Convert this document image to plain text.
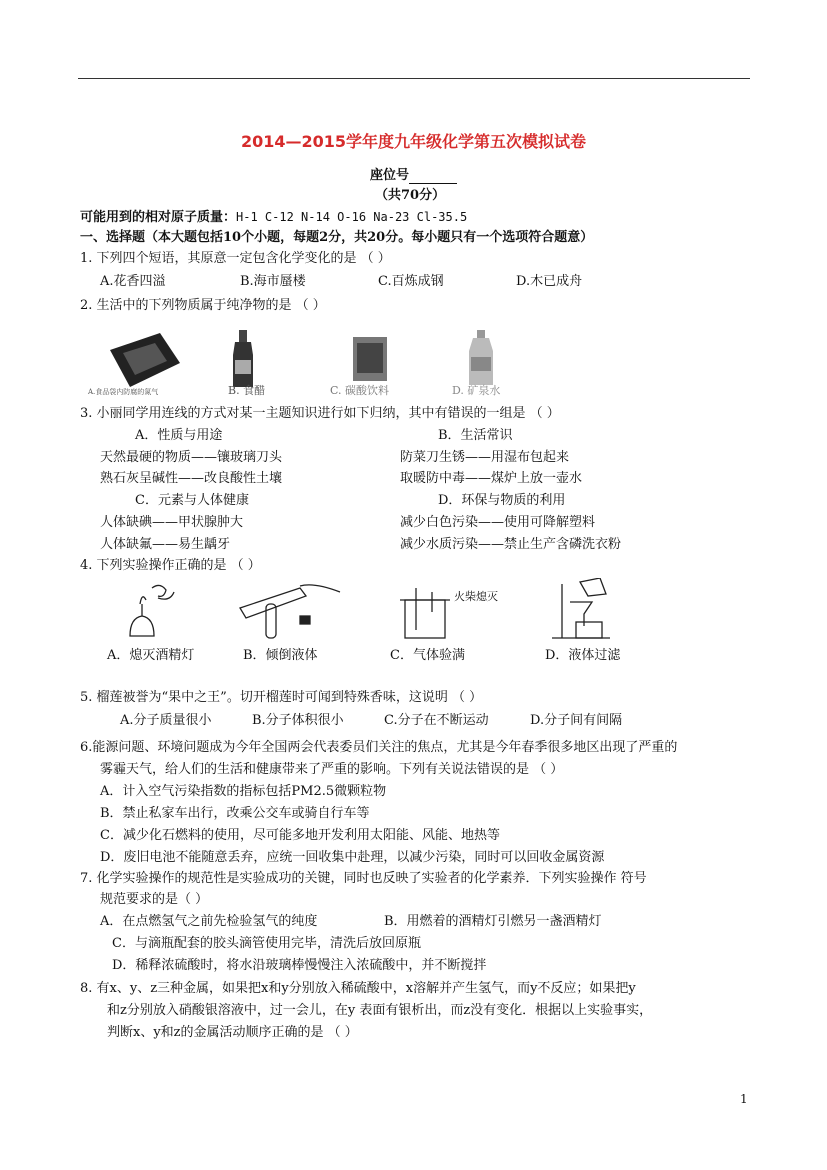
2014—2015学年度九年级化学第五次模拟试卷
座位号
（共70分）
可能用到的相对原子质量：H-1 C-12 N-14 O-16 Na-23 Cl-35.5
一、选择题（本大题包括10个小题，每题2分，共20分。每小题只有一个选项符合题意）
1. 下列四个短语，其原意一定包含化学变化的是 （ ）
A.花香四溢	B.海市蜃楼	C.百炼成钢	D.木已成舟
2. 生活中的下列物质属于纯净物的是 （ ）
A.食品袋内防腐的氮气	B. 食醋	C. 碳酸饮料	D. 矿泉水
3. 小丽同学用连线的方式对某一主题知识进行如下归纳，其中有错误的一组是 （ ）
A．性质与用途	B．生活常识
天然最硬的物质——镶玻璃刀头	防菜刀生锈——用湿布包起来
熟石灰呈碱性——改良酸性土壤	取暖防中毒——煤炉上放一壶水
C．元素与人体健康	D．环保与物质的利用
人体缺碘——甲状腺肿大	减少白色污染——使用可降解塑料
人体缺氟——易生龋牙	减少水质污染——禁止生产含磷洗衣粉
4. 下列实验操作正确的是 （ ）
火柴熄灭
A．熄灭酒精灯	B．倾倒液体	C．气体验满	D．液体过滤
5. 榴莲被誉为“果中之王”。切开榴莲时可闻到特殊香味，这说明 （ ）
A.分子质量很小	B.分子体积很小	C.分子在不断运动	D.分子间有间隔
6.能源问题、环境问题成为今年全国两会代表委员们关注的焦点，尤其是今年春季很多地区出现了严重的
雾霾天气，给人们的生活和健康带来了严重的影响。下列有关说法错误的是 （ ）
A．计入空气污染指数的指标包括PM2.5微颗粒物
B．禁止私家车出行，改乘公交车或骑自行车等
C．减少化石燃料的使用，尽可能多地开发利用太阳能、风能、地热等
D．废旧电池不能随意丢弃，应统一回收集中赴理，以减少污染，同时可以回收金属资源
7. 化学实验操作的规范性是实验成功的关键，同时也反映了实验者的化学素养．下列实验操作 符号
规范要求的是（ ）
A．在点燃氢气之前先检验氢气的纯度	B．用燃着的酒精灯引燃另一盏酒精灯
C．与滴瓶配套的胶头滴管使用完毕，清洗后放回原瓶
D．稀释浓硫酸时，将水沿玻璃棒慢慢注入浓硫酸中，并不断搅拌
8. 有x、y、z三种金属，如果把x和y分别放入稀硫酸中，x溶解并产生氢气，而y不反应；如果把y
和z分别放入硝酸银溶液中，过一会儿，在y 表面有银析出，而z没有变化．根据以上实验事实，
判断x、y和z的金属活动顺序正确的是 （ ）
1
